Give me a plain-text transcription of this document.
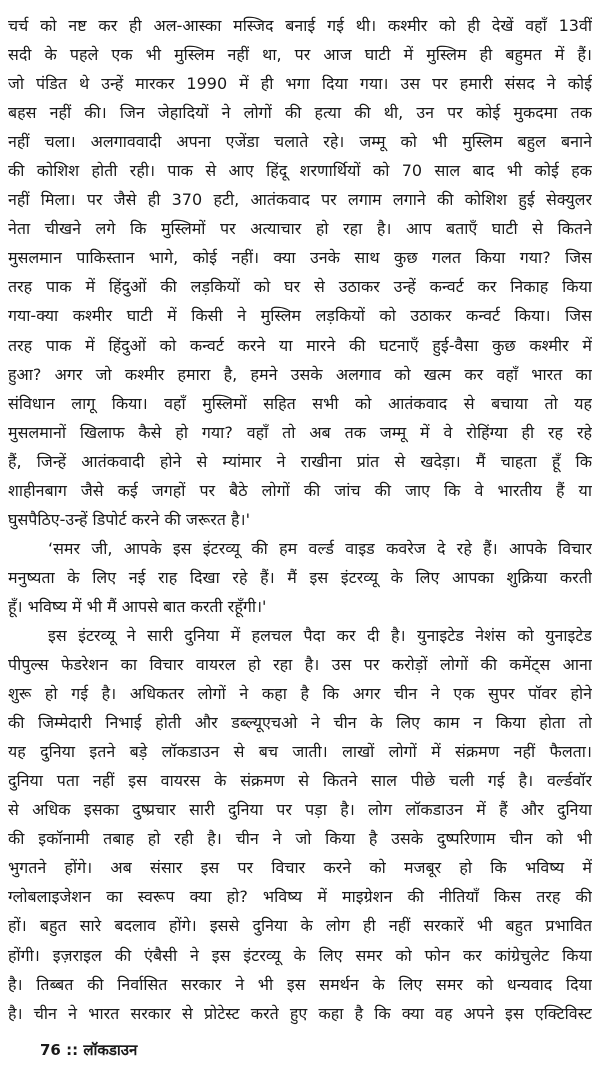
चर्च को नष्ट कर ही अल-आस्का मस्जिद बनाई गई थी। कश्मीर को ही देखें वहाँ 13वीं
सदी के पहले एक भी मुस्लिम नहीं था, पर आज घाटी में मुस्लिम ही बहुमत में हैं।
जो पंडित थे उन्हें मारकर 1990 में ही भगा दिया गया। उस पर हमारी संसद ने कोई
बहस नहीं की। जिन जेहादियों ने लोगों की हत्या की थी, उन पर कोई मुकदमा तक
नहीं चला। अलगाववादी अपना एजेंडा चलाते रहे। जम्मू को भी मुस्लिम बहुल बनाने
की कोशिश होती रही। पाक से आए हिंदू शरणार्थियों को 70 साल बाद भी कोई हक
नहीं मिला। पर जैसे ही 370 हटी, आतंकवाद पर लगाम लगाने की कोशिश हुई सेक्युलर
नेता चीखने लगे कि मुस्लिमों पर अत्याचार हो रहा है। आप बताएँ घाटी से कितने
मुसलमान पाकिस्तान भागे, कोई नहीं। क्या उनके साथ कुछ गलत किया गया? जिस
तरह पाक में हिंदुओं की लड़कियों को घर से उठाकर उन्हें कन्वर्ट कर निकाह किया
गया-क्या कश्मीर घाटी में किसी ने मुस्लिम लड़कियों को उठाकर कन्वर्ट किया। जिस
तरह पाक में हिंदुओं को कन्वर्ट करने या मारने की घटनाएँ हुई-वैसा कुछ कश्मीर में
हुआ? अगर जो कश्मीर हमारा है, हमने उसके अलगाव को खत्म कर वहाँ भारत का
संविधान लागू किया। वहाँ मुस्लिमों सहित सभी को आतंकवाद से बचाया तो यह
मुसलमानों खिलाफ कैसे हो गया? वहाँ तो अब तक जम्मू में वे रोहिंग्या ही रह रहे
हैं, जिन्हें आतंकवादी होने से म्यांमार ने राखीना प्रांत से खदेड़ा। मैं चाहता हूँ कि
शाहीनबाग जैसे कई जगहों पर बैठे लोगों की जांच की जाए कि वे भारतीय हैं या
घुसपैठिए-उन्हें डिपोर्ट करने की जरूरत है।'
‘समर जी, आपके इस इंटरव्यू की हम वर्ल्ड वाइड कवरेज दे रहे हैं। आपके विचार
मनुष्यता के लिए नई राह दिखा रहे हैं। मैं इस इंटरव्यू के लिए आपका शुक्रिया करती
हूँ। भविष्य में भी मैं आपसे बात करती रहूँगी।'
इस इंटरव्यू ने सारी दुनिया में हलचल पैदा कर दी है। युनाइटेड नेशंस को युनाइटेड
पीपुल्स फेडरेशन का विचार वायरल हो रहा है। उस पर करोड़ों लोगों की कमेंट्स आना
शुरू हो गई है। अधिकतर लोगों ने कहा है कि अगर चीन ने एक सुपर पॉवर होने
की जिम्मेदारी निभाई होती और डब्ल्यूएचओ ने चीन के लिए काम न किया होता तो
यह दुनिया इतने बड़े लॉकडाउन से बच जाती। लाखों लोगों में संक्रमण नहीं फैलता।
दुनिया पता नहीं इस वायरस के संक्रमण से कितने साल पीछे चली गई है। वर्ल्डवॉर
से अधिक इसका दुष्प्रचार सारी दुनिया पर पड़ा है। लोग लॉकडाउन में हैं और दुनिया
की इकॉनामी तबाह हो रही है। चीन ने जो किया है उसके दुष्परिणाम चीन को भी
भुगतने होंगे। अब संसार इस पर विचार करने को मजबूर हो कि भविष्य में
ग्लोबलाइजेशन का स्वरूप क्या हो? भविष्य में माइग्रेशन की नीतियाँ किस तरह की
हों। बहुत सारे बदलाव होंगे। इससे दुनिया के लोग ही नहीं सरकारें भी बहुत प्रभावित
होंगी। इज़राइल की एंबैसी ने इस इंटरव्यू के लिए समर को फोन कर कांग्रेचुलेट किया
है। तिब्बत की निर्वासित सरकार ने भी इस समर्थन के लिए समर को धन्यवाद दिया
है। चीन ने भारत सरकार से प्रोटेस्ट करते हुए कहा है कि क्या वह अपने इस एक्टिविस्ट
76 :: लॉकडाउन
